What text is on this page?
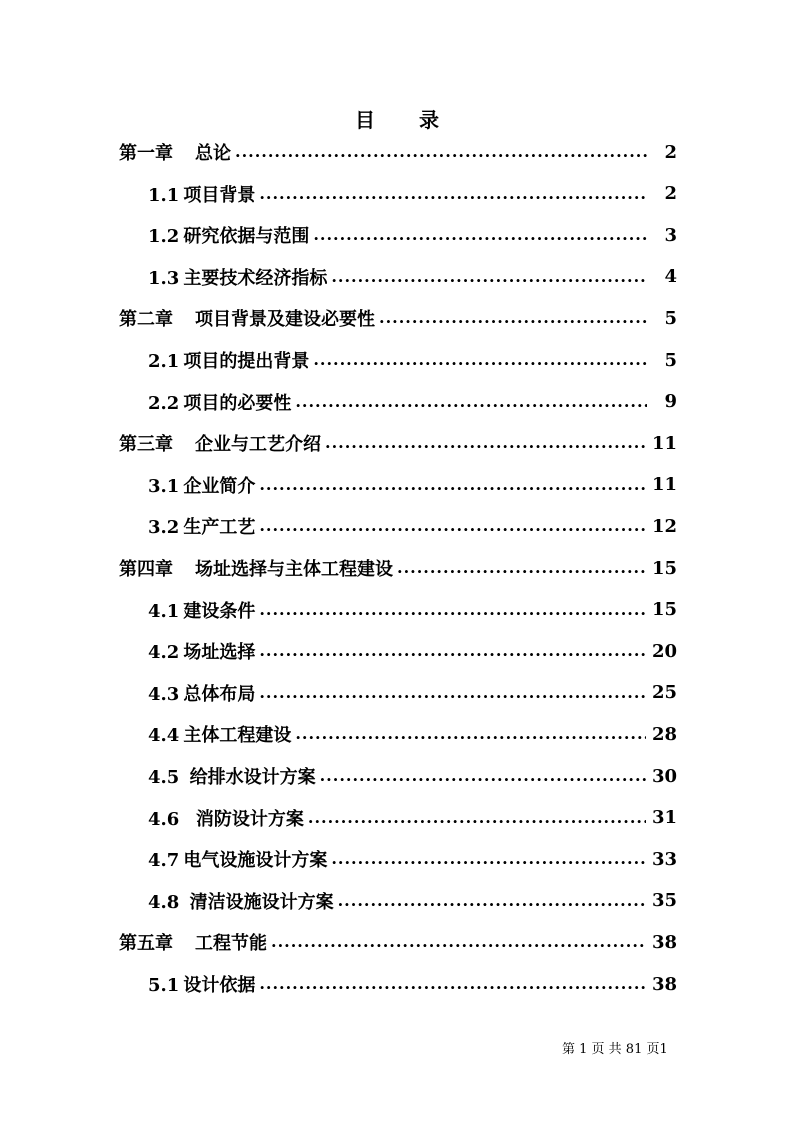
目 录
第一章 总论 .....	2
1.1 项目背景 .....	2
1.2 研究依据与范围 .....	3
1.3 主要技术经济指标 .....	4
第二章 项目背景及建设必要性 .....	5
2.1 项目的提出背景 .....	5
2.2 项目的必要性 .....	9
第三章 企业与工艺介绍 .....	11
3.1 企业简介 .....	11
3.2 生产工艺 .....	12
第四章 场址选择与主体工程建设 .....	15
4.1 建设条件 .....	15
4.2 场址选择 .....	20
4.3 总体布局 .....	25
4.4 主体工程建设 .....	28
4.5 给排水设计方案 .....	30
4.6  消防设计方案 .....	31
4.7 电气设施设计方案 .....	33
4.8 清洁设施设计方案 .....	35
第五章 工程节能 .....	38
5.1 设计依据 .....	38
第 1 页 共 81 页1
